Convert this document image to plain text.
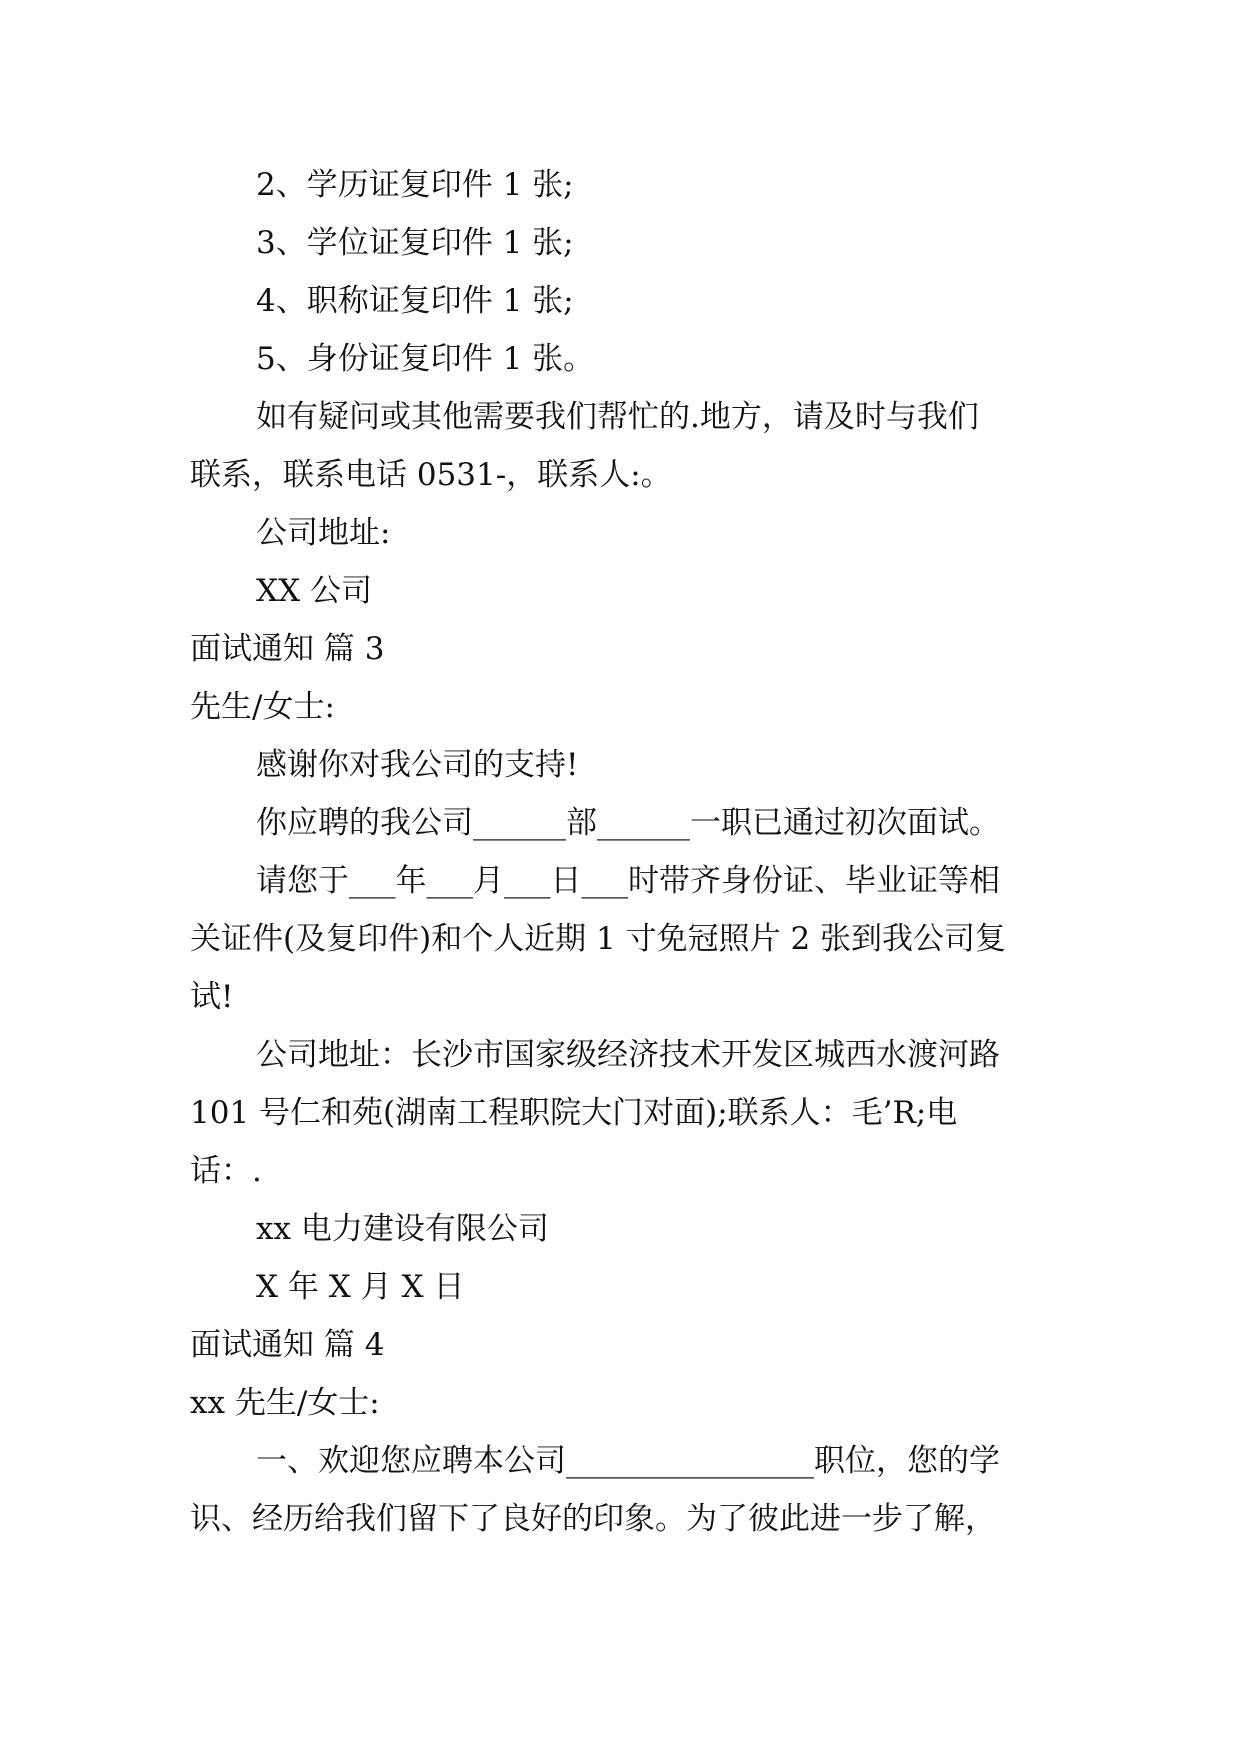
2、学历证复印件 1 张;
3、学位证复印件 1 张;
4、职称证复印件 1 张;
5、身份证复印件 1 张。
如有疑问或其他需要我们帮忙的.地方，请及时与我们
联系，联系电话 0531-，联系人:。
公司地址:
XX 公司
面试通知 篇 3
先生/女士:
感谢你对我公司的支持!
你应聘的我公司______部______一职已通过初次面试。
请您于___年___月___日___时带齐身份证、毕业证等相
关证件(及复印件)和个人近期 1 寸免冠照片 2 张到我公司复
试!
公司地址：长沙市国家级经济技术开发区城西水渡河路
101 号仁和苑(湖南工程职院大门对面);联系人：毛’R;电
话：.
xx 电力建设有限公司
X 年 X 月 X 日
面试通知 篇 4
xx 先生/女士:
一、欢迎您应聘本公司________________职位，您的学
识、经历给我们留下了良好的印象。为了彼此进一步了解，
